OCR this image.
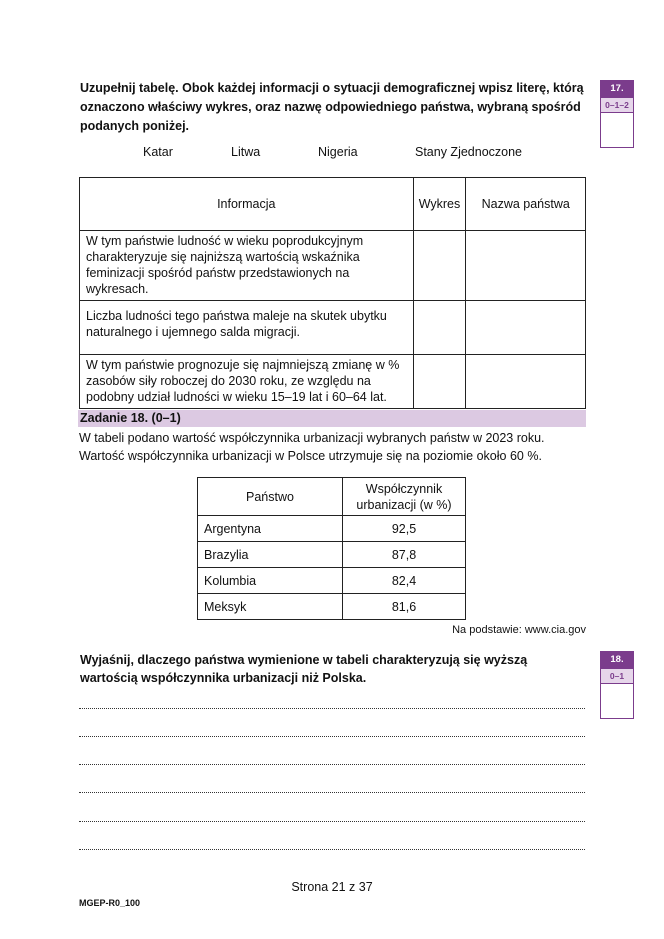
Uzupełnij tabelę. Obok każdej informacji o sytuacji demograficznej wpisz literę, którą oznaczono właściwy wykres, oraz nazwę odpowiedniego państwa, wybraną spośród podanych poniżej.
17.
0–1–2
Katar	Litwa	Nigeria	Stany Zjednoczone
Informacja	Wykres	Nazwa państwa

W tym państwie ludność w wieku poprodukcyjnym charakteryzuje się najniższą wartością wskaźnika feminizacji spośród państw przedstawionych na wykresach.		

Liczba ludności tego państwa maleje na skutek ubytku naturalnego i ujemnego salda migracji.		

W tym państwie prognozuje się najmniejszą zmianę w % zasobów siły roboczej do 2030 roku, ze względu na podobny udział ludności w wieku 15–19 lat i 60–64 lat.		

Zadanie 18. (0–1)
W tabeli podano wartość współczynnika urbanizacji wybranych państw w 2023 roku. Wartość współczynnika urbanizacji w Polsce utrzymuje się na poziomie około 60 %.
Państwo	Współczynnik urbanizacji (w %)
Argentyna	92,5
Brazylia	87,8
Kolumbia	82,4
Meksyk	81,6
Na podstawie: www.cia.gov
Wyjaśnij, dlaczego państwa wymienione w tabeli charakteryzują się wyższą wartością współczynnika urbanizacji niż Polska.
18.
0–1
Strona 21 z 37
MGEP-R0_100
